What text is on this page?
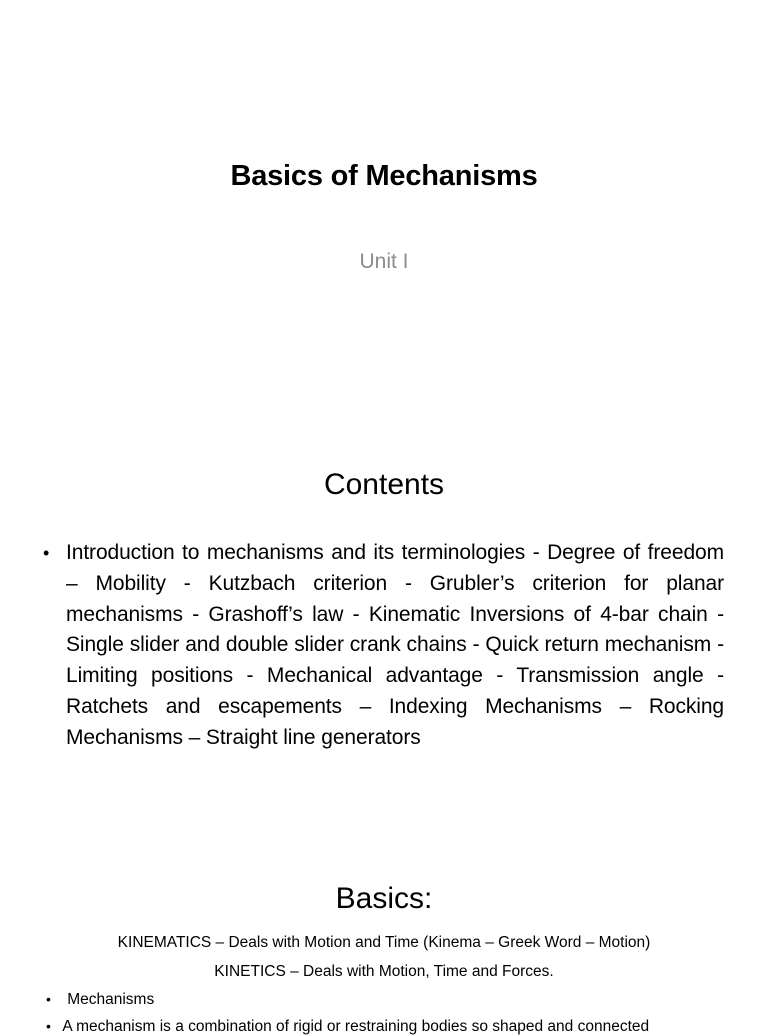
Basics of Mechanisms
Unit I
Contents
• Introduction to mechanisms and its terminologies - Degree of freedom – Mobility - Kutzbach criterion - Grubler’s criterion for planar mechanisms - Grashoff’s law - Kinematic Inversions of 4-bar chain - Single slider and double slider crank chains - Quick return mechanism - Limiting positions - Mechanical advantage - Transmission angle - Ratchets and escapements – Indexing Mechanisms – Rocking Mechanisms – Straight line generators
Basics:
KINEMATICS – Deals with Motion and Time (Kinema – Greek Word – Motion)
KINETICS – Deals with Motion, Time and Forces.
• Mechanisms
• A mechanism is a combination of rigid or restraining bodies so shaped and connected
